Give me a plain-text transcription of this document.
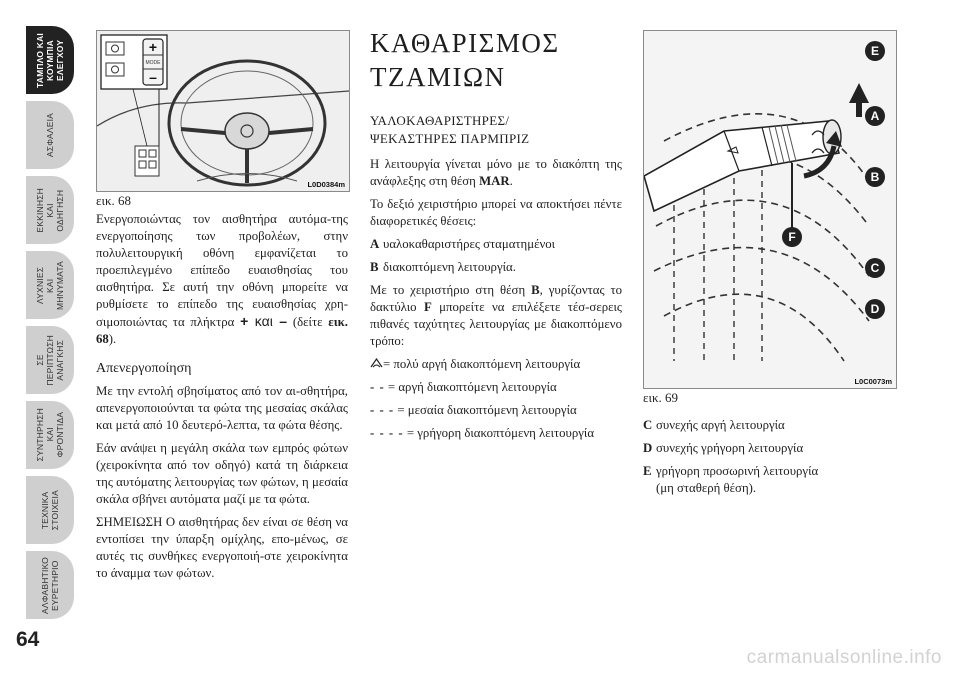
ΤΑΜΠΛΟ ΚΑΙ
ΚΟΥΜΠΙΑ
ΕΛΕΓΧΟΥ
ΑΣΦΑΛΕΙΑ
ΕΚΚΙΝΗΣΗ
ΚΑΙ
ΟΔΗΓΗΣΗ
ΛΥΧΝΙΕΣ
ΚΑΙ
ΜΗΝΥΜΑΤΑ
ΣΕ
ΠΕΡΙΠΤΩΣΗ
ΑΝΑΓΚΗΣ
ΣΥΝΤΗΡΗΣΗ
ΚΑΙ
ΦΡΟΝΤΙΔΑ
ΤΕΧΝΙΚΑ
ΣΤΟΙΧΕΙΑ
ΑΛΦΑΒΗΤΙΚΟ
ΕΥΡΕΤΗΡΙΟ
64
+
MODE
–
L0D0384m
εικ. 68
E
A
B
F
C
D
L0C0073m
εικ. 69

Ενεργοποιώντας τον αισθητήρα αυτόμα-της ενεργοποίησης των προβολέων, στην πολυλειτουργική οθόνη εμφανίζεται το προεπιλεγμένο επίπεδο ευαισθησίας του αισθητήρα. Σε αυτή την οθόνη μπορείτε να ρυθμίσετε το επίπεδο της ευαισθησίας χρη-σιμοποιώντας τα πλήκτρα + και – (δείτε εικ. 68).

Απενεργοποίηση

Με την εντολή σβησίματος από τον αι-σθητήρα, απενεργοποιούνται τα φώτα της μεσαίας σκάλας και μετά από 10 δευτερό-λεπτα, τα φώτα θέσης.

Εάν ανάψει η μεγάλη σκάλα των εμπρός φώτων (χειροκίνητα από τον οδηγό) κατά τη διάρκεια της αυτόματης λειτουργίας των φώτων, η μεσαία σκάλα σβήνει αυτόματα μαζί με τα φώτα.

ΣΗΜΕΙΩΣΗ Ο αισθητήρας δεν είναι σε θέση να εντοπίσει την ύπαρξη ομίχλης, επο-μένως, σε αυτές τις συνθήκες ενεργοποιή-στε χειροκίνητα το άναμμα των φώτων.

ΚΑΘΑΡΙΣΜΟΣ ΤΖΑΜΙΩΝ
ΥΑΛΟΚΑΘΑΡΙΣΤΗΡΕΣ/
ΨΕΚΑΣΤΗΡΕΣ ΠΑΡΜΠΡΙΖ

Η λειτουργία γίνεται μόνο με το διακόπτη της ανάφλεξης στη θέση MAR.

Το δεξιό χειριστήριο μπορεί να αποκτήσει πέντε διαφορετικές θέσεις:

A υαλοκαθαριστήρες σταματημένοι
B διακοπτόμενη λειτουργία.

Με το χειριστήριο στη θέση B, γυρίζοντας το δακτύλιο F μπορείτε να επιλέξετε τέσ-σερεις πιθανές ταχύτητες λειτουργίας με διακοπτόμενο τρόπο:

= πολύ αργή διακοπτόμενη λειτουργία
- - = αργή διακοπτόμενη λειτουργία
- - - = μεσαία διακοπτόμενη λειτουργία
- - - - = γρήγορη διακοπτόμενη λειτουργία
C συνεχής αργή λειτουργία
D συνεχής γρήγορη λειτουργία
E γρήγορη προσωρινή λειτουργία
(μη σταθερή θέση).
carmanualsonline.info
